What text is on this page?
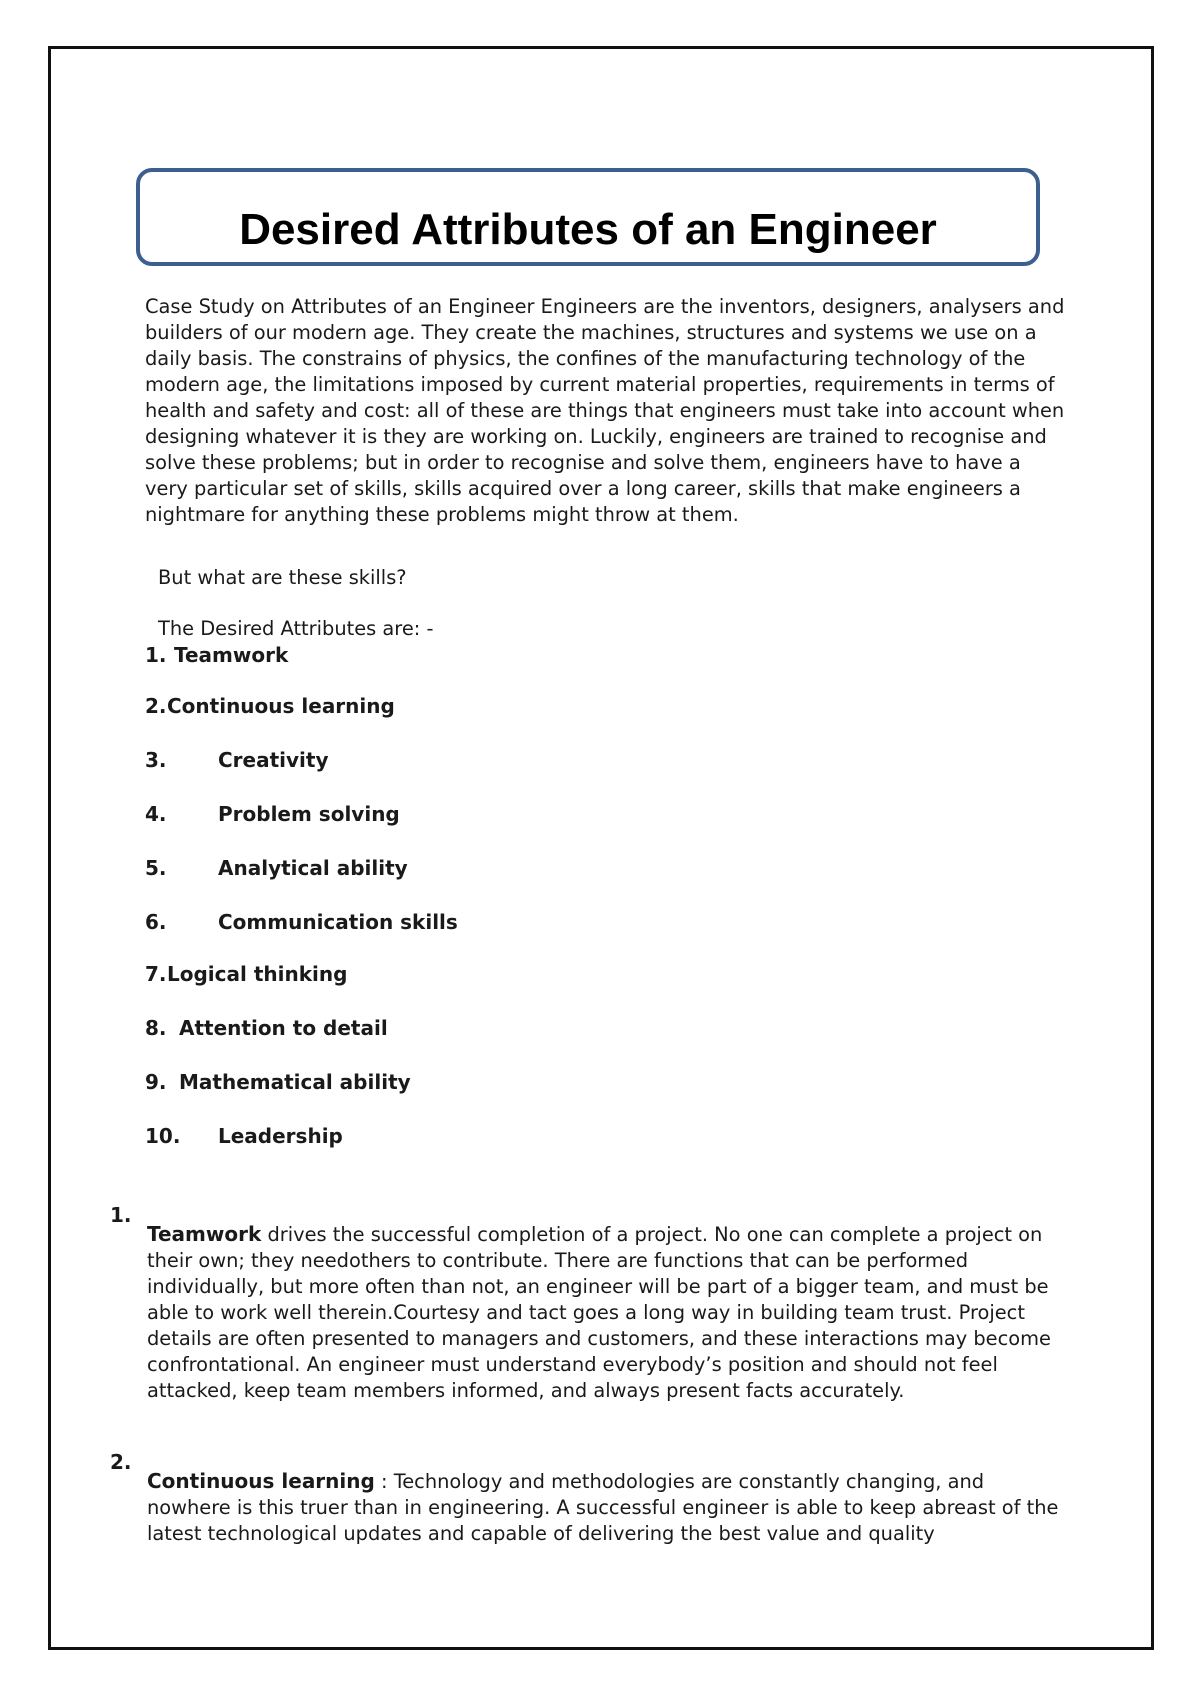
Desired Attributes of an Engineer

Case Study on Attributes of an Engineer Engineers are the inventors, designers, analysers and builders of our modern age. They create the machines, structures and systems we use on a daily basis. The constrains of physics, the confines of the manufacturing technology of the modern age, the limitations imposed by current material properties, requirements in terms of health and safety and cost: all of these are things that engineers must take into account when designing whatever it is they are working on. Luckily, engineers are trained to recognise and solve these problems; but in order to recognise and solve them, engineers have to have a very particular set of skills, skills acquired over a long career, skills that make engineers a nightmare for anything these problems might throw at them.

But what are these skills?

The Desired Attributes are: -

1. Teamwork

2.Continuous learning

3.	Creativity

4.	Problem solving

5.	Analytical ability

6.	Communication skills

7.Logical thinking

8. Attention to detail

9. Mathematical ability

10. Leadership

1.

Teamwork drives the successful completion of a project. No one can complete a project on their own; they needothers to contribute. There are functions that can be performed individually, but more often than not, an engineer will be part of a bigger team, and must be able to work well therein.Courtesy and tact goes a long way in building team trust. Project details are often presented to managers and customers, and these interactions may become confrontational. An engineer must understand everybody’s position and should not feel attacked, keep team members informed, and always present facts accurately.

2.

Continuous learning : Technology and methodologies are constantly changing, and nowhere is this truer than in engineering. A successful engineer is able to keep abreast of the latest technological updates and capable of delivering the best value and quality
